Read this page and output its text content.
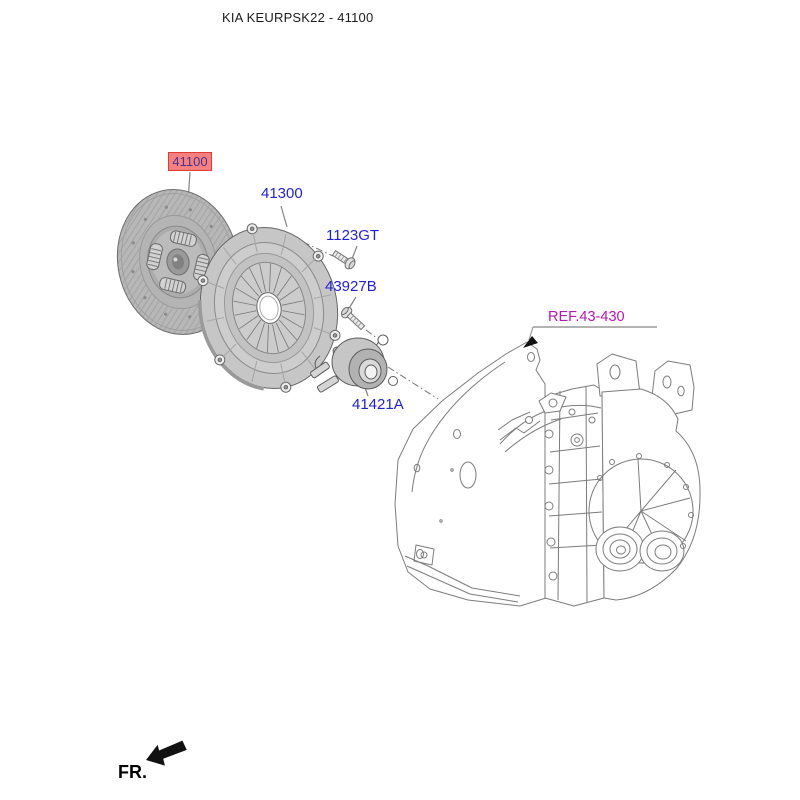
KIA KEURPSK22 - 41100
41100
41300
1123GT
43927B
41421A
REF.43-430
FR.
